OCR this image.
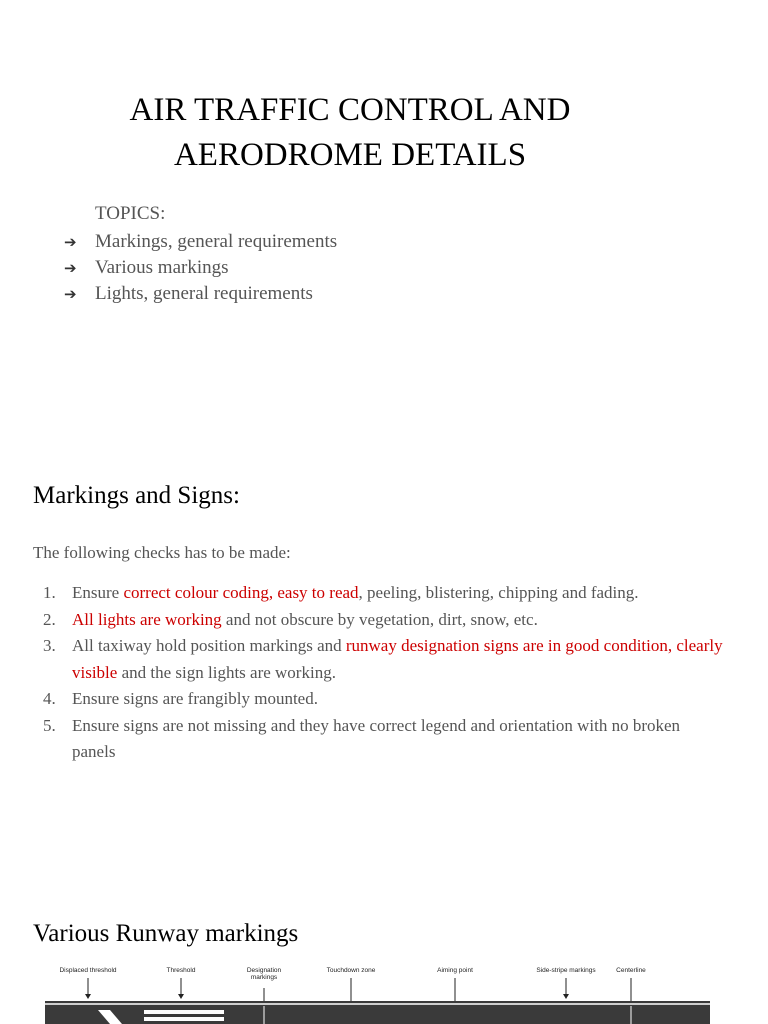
AIR TRAFFIC CONTROL AND
AERODROME DETAILS
TOPICS:
➔ Markings, general requirements
➔ Various markings
➔ Lights, general requirements
Markings and Signs:
The following checks has to be made:
1. Ensure correct colour coding, easy to read, peeling, blistering, chipping and fading.
2. All lights are working and not obscure by vegetation, dirt, snow, etc.
3. All taxiway hold position markings and runway designation signs are in good condition, clearly visible and the sign lights are working.
4. Ensure signs are frangibly mounted.
5. Ensure signs are not missing and they have correct legend and orientation with no broken panels
Various Runway markings
Displaced threshold	Threshold	Designation
markings
Touchdown zone	Aiming point	Side-stripe markings	Centerline
